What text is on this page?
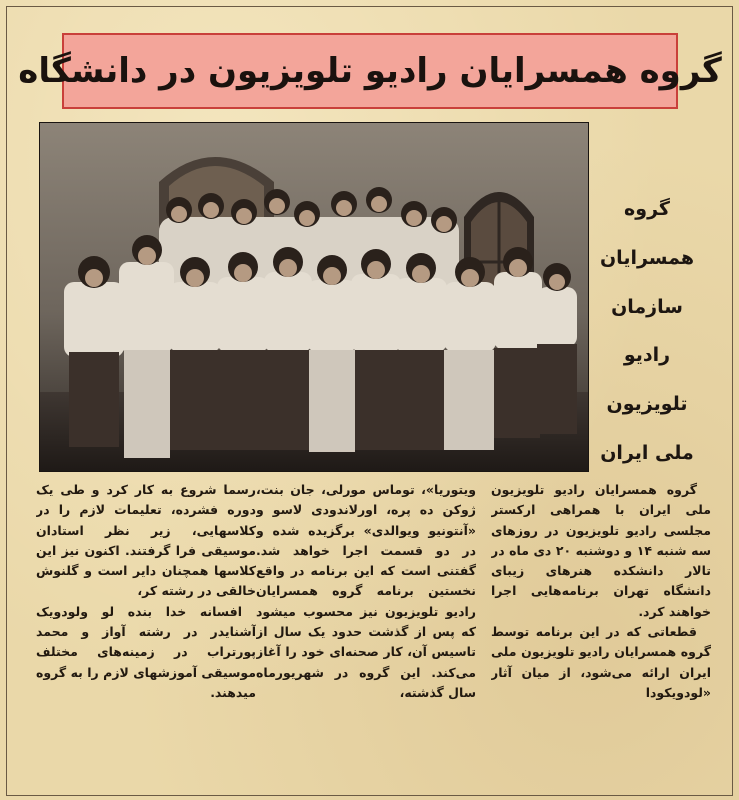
گروه همسرایان رادیو تلویزیون در دانشگاه
گروه
همسرایان
سازمان
رادیو
تلویزیون
ملی ایران

گروه همسرایان رادیو تلویزیون ملی ایران با همراهی ارکستر مجلسی رادیو تلویزیون در روزهای سه شنبه ۱۴ و دوشنبه ۲۰ دی ماه در تالار دانشکده هنرهای زیبای دانشگاه تهران برنامه‌هایی اجرا خواهند کرد.

قطعاتی که در این برنامه توسط گروه همسرایان رادیو تلویزیون ملی ایران ارائه می‌شود، از میان آثار «لودویکودا

ویتوریا»، توماس مورلی، جان بنت، ژوکن ده پره، اورلاندودی لاسو و «آنتونیو ویوالدی» برگزیده شده و در دو قسمت اجرا خواهد شد. گفتنی است که این برنامه در واقع نخستین برنامه گروه همسرایان رادیو تلویزیون نیز محسوب میشود که پس از گذشت حدود یک سال از تاسیس آن، کار صحنه‌ای خود را آغاز می‌کند. این گروه در شهریورماه سال گذشته،

رسما شروع به کار کرد و طی یک دوره فشرده، تعلیمات لازم را در کلاسهایی، زیر نظر استادان موسیقی فرا گرفتند. اکنون نیز این کلاسها همچنان دایر است و گلنوش خالقی در رشته کر،

افسانه خدا بنده لو ولودویک آشنایدر در رشته آواز و محمد پورتراب در زمینه‌های مختلف موسیقی آموزشهای لازم را به گروه میدهند.
